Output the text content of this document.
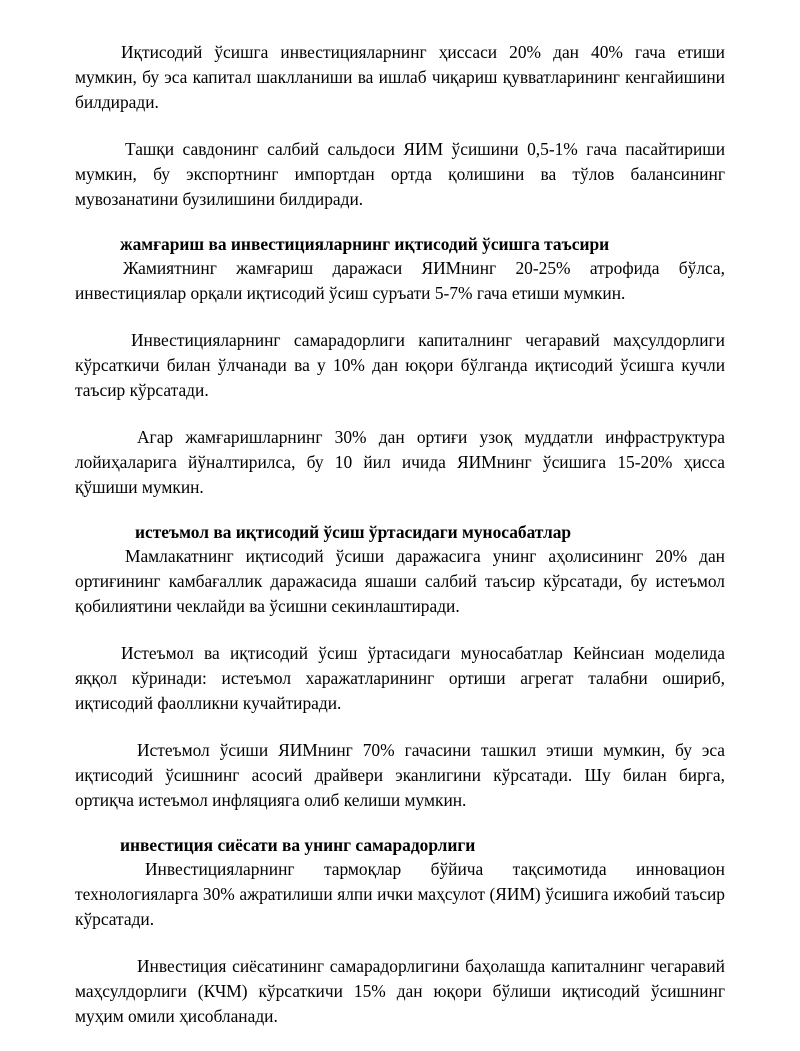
Иқтисодий ўсишга инвестицияларнинг ҳиссаси 20% дан 40% гача етиши мумкин, бу эса капитал шаклланиши ва ишлаб чиқариш қувватларининг кенгайишини билдиради.

Ташқи савдонинг салбий сальдоси ЯИМ ўсишини 0,5-1% гача пасайтириши мумкин, бу экспортнинг импортдан ортда қолишини ва тўлов балансининг мувозанатини бузилишини билдиради.

жамғариш ва инвестицияларнинг иқтисодий ўсишга таъсири

Жамиятнинг жамғариш даражаси ЯИМнинг 20-25% атрофида бўлса, инвестициялар орқали иқтисодий ўсиш суръати 5-7% гача етиши мумкин.

Инвестицияларнинг самарадорлиги капиталнинг чегаравий маҳсулдорлиги кўрсаткичи билан ўлчанади ва у 10% дан юқори бўлганда иқтисодий ўсишга кучли таъсир кўрсатади.

Агар жамғаришларнинг 30% дан ортиғи узоқ муддатли инфраструктура лойиҳаларига йўналтирилса, бу 10 йил ичида ЯИМнинг ўсишига 15-20% ҳисса қўшиши мумкин.

истеъмол ва иқтисодий ўсиш ўртасидаги муносабатлар

Мамлакатнинг иқтисодий ўсиши даражасига унинг аҳолисининг 20% дан ортиғининг камбағаллик даражасида яшаши салбий таъсир кўрсатади, бу истеъмол қобилиятини чеклайди ва ўсишни секинлаштиради.

Истеъмол ва иқтисодий ўсиш ўртасидаги муносабатлар Кейнсиан моделида яққол кўринади: истеъмол харажатларининг ортиши агрегат талабни ошириб, иқтисодий фаолликни кучайтиради.

Истеъмол ўсиши ЯИМнинг 70% гачасини ташкил этиши мумкин, бу эса иқтисодий ўсишнинг асосий драйвери эканлигини кўрсатади. Шу билан бирга, ортиқча истеъмол инфляцияга олиб келиши мумкин.

инвестиция сиёсати ва унинг самарадорлиги

Инвестицияларнинг тармоқлар бўйича тақсимотида инновацион технологияларга 30% ажратилиши ялпи ички маҳсулот (ЯИМ) ўсишига ижобий таъсир кўрсатади.

Инвестиция сиёсатининг самарадорлигини баҳолашда капиталнинг чегаравий маҳсулдорлиги (КЧМ) кўрсаткичи 15% дан юқори бўлиши иқтисодий ўсишнинг муҳим омили ҳисобланади.
